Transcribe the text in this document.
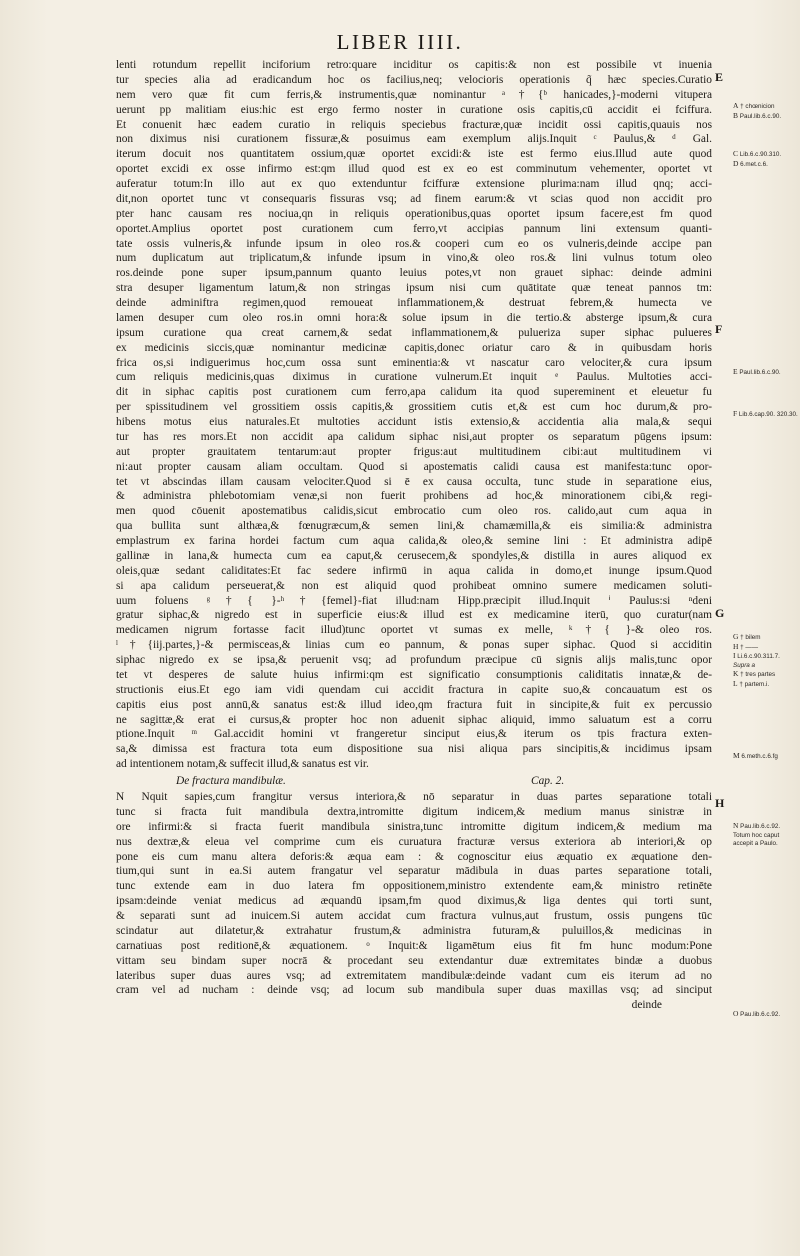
LIBER IIII.
lenti rotundum repellit inciforium retro:quare inciditur os capitis:& non est possibile vt inuenia
tur species alia ad eradicandum hoc os facilius,neq; velocioris operationis q̃ hæc species.Curatio
nem vero quæ fit cum ferris,& instrumentis,quæ nominantur ᵃ†{ᵇ hanicades,}-moderni vitupera
uerunt pp malitiam eius:hic est ergo fermo noster in curatione osis capitis,cū accidit ei fciffura.
Et conuenit hæc eadem curatio in reliquis speciebus fracturæ,quæ incidit ossi capitis,quauis nos
non diximus nisi curationem fissuræ,& posuimus eam exemplum alijs.Inquit ᶜ Paulus,& ᵈ Gal.
iterum docuit nos quantitatem ossium,quæ oportet excidi:& iste est fermo eius.Illud aute quod
oportet excidi ex osse infirmo est:qm illud quod est ex eo est comminutum vehementer, oportet vt
auferatur totum:In illo aut ex quo extenduntur fciffuræ extensione plurima:nam illud qnq; acci-
dit,non oportet tunc vt consequaris fissuras vsq; ad finem earum:& vt scias quod non accidit pro
pter hanc causam res nociua,qn in reliquis operationibus,quas oportet ipsum facere,est fm quod
oportet.Amplius oportet post curationem cum ferro,vt accipias pannum lini extensum quanti-
tate ossis vulneris,& infunde ipsum in oleo ros.& cooperi cum eo os vulneris,deinde accipe pan
num duplicatum aut triplicatum,& infunde ipsum in vino,& oleo ros.& lini vulnus totum oleo
ros.deinde pone super ipsum,pannum quanto leuius potes,vt non grauet siphac: deinde admini
stra desuper ligamentum latum,& non stringas ipsum nisi cum quātitate quæ teneat pannos tm:
deinde adminiftra regimen,quod remoueat inflammationem,& destruat febrem,& humecta ve
lamen desuper cum oleo ros.in omni hora:& solue ipsum in die tertio.& absterge ipsum,& cura
ipsum curatione qua creat carnem,& sedat inflammationem,& pulueriza super siphac pulueres
ex medicinis siccis,quæ nominantur medicinæ capitis,donec oriatur caro & in quibusdam horis
frica os,si indiguerimus hoc,cum ossa sunt eminentia:& vt nascatur caro velociter,& cura ipsum
cum reliquis medicinis,quas diximus in curatione vulnerum.Et inquit ᵉ Paulus. Multoties acci-
dit in siphac capitis post curationem cum ferro,apa calidum ita quod supereminent et eleuetur fu
per spissitudinem vel grossitiem ossis capitis,& grossitiem cutis et,& est cum hoc durum,& pro-
hibens motus eius naturales.Et multoties accidunt istis extensio,& accidentia alia mala,& sequi
tur has res mors.Et non accidit apa calidum siphac nisi,aut propter os separatum pūgens ipsum:
aut propter grauitatem tentarum:aut propter frigus:aut multitudinem cibi:aut multitudinem vi
ni:aut propter causam aliam occultam. Quod si apostematis calidi causa est manifesta:tunc opor-
tet vt abscindas illam causam velociter.Quod si ē ex causa occulta, tunc stude in separatione eius,
& administra phlebotomiam venæ,si non fuerit prohibens ad hoc,& minorationem cibi,& regi-
men quod cōuenit apostematibus calidis,sicut embrocatio cum oleo ros. calido,aut cum aqua in
qua bullita sunt althæa,& fœnugræcum,& semen lini,& chamæmilla,& eis similia:& administra
emplastrum ex farina hordei factum cum aqua calida,& oleo,& semine lini : Et administra adipē
gallinæ in lana,& humecta cum ea caput,& cerusecem,& spondyles,& distilla in aures aliquod ex
oleis,quæ sedant caliditates:Et fac sedere infirmū in aqua calida in domo,et inunge ipsum.Quod
si apa calidum perseuerat,& non est aliquid quod prohibeat omnino sumere medicamen soluti-
uum foluens ᵍ†{ }-ʰ†{femel}-fiat illud:nam Hipp.præcipit illud.Inquit ⁱ Paulus:si ⁿdeni
gratur siphac,& nigredo est in superficie eius:& illud est ex medicamine iterū, quo curatur(nam
medicamen nigrum fortasse facit illud)tunc oportet vt sumas ex melle, ᵏ†{ }-& oleo ros.
ˡ†{iij.partes,}-& permisceas,& linias cum eo pannum, & ponas super siphac. Quod si acciditin
siphac nigredo ex se ipsa,& peruenit vsq; ad profundum præcipue cū signis alijs malis,tunc opor
tet vt desperes de salute huius infirmi:qm est significatio consumptionis caliditatis innatæ,& de-
structionis eius.Et ego iam vidi quendam cui accidit fractura in capite suo,& concauatum est os
capitis eius post annū,& sanatus est:& illud ideo,qm fractura fuit in sincipite,& fuit ex percussio
ne sagittæ,& erat ei cursus,& propter hoc non aduenit siphac aliquid, immo saluatum est a corru
ptione.Inquit ᵐ Gal.accidit homini vt frangeretur sinciput eius,& iterum os tpis fractura exten-
sa,& dimissa est fractura tota eum dispositione sua nisi aliqua pars sincipitis,& incidimus ipsam
ad intentionem notam,& suffecit illud,& sanatus est vir.
De fractura mandibulæ.	Cap. 2.
N Nquit sapies,cum frangitur versus interiora,& nō separatur in duas partes separatione totali
tunc si fracta fuit mandibula dextra,intromitte digitum indicem,& medium manus sinistræ in
ore infirmi:& si fracta fuerit mandibula sinistra,tunc intromitte digitum indicem,& medium ma
nus dextræ,& eleua vel comprime cum eis curuatura fracturæ versus exteriora ab interiori,& op
pone eis cum manu altera deforis:& æqua eam : & cognoscitur eius æquatio ex æquatione den-
tium,qui sunt in ea.Si autem frangatur vel separatur mādibula in duas partes separatione totali,
tunc extende eam in duo latera fm oppositionem,ministro extendente eam,& ministro retinēte
ipsam:deinde veniat medicus ad æquandū ipsam,fm quod diximus,& liga dentes qui torti sunt,
& separati sunt ad inuicem.Si autem accidat cum fractura vulnus,aut frustum, ossis pungens tūc
scindatur aut dilatetur,& extrahatur frustum,& administra futuram,& puluillos,& medicinas in
carnatiuas post reditionē,& æquationem. ᵒ Inquit:& ligamētum eius fit fm hunc modum:Pone
vittam seu bindam super nocrā & procedant seu extendantur duæ extremitates bindæ a duobus
lateribus super duas aures vsq; ad extremitatem mandibulæ:deinde vadant cum eis iterum ad no
cram vel ad nucham : deinde vsq; ad locum sub mandibula super duas maxillas vsq; ad sinciput
deinde
E
F
G
H
A † chœnicion
B Paul.lib.6.c.90.
C Lib.6.c.90.310.
D 6.met.c.6.
E Paul.lib.6.c.90.
F Lib.6.cap.90. 320.30.
G † bilem
H † ——
I Li.6.c.90.311.7.
Supra a
K † tres partes
L † partem.i.
M 6.meth.c.6.fg
N Pau.lib.6.c.92. Totum hoc caput accepit a Paulo.
O Pau.lib.6.c.92.
